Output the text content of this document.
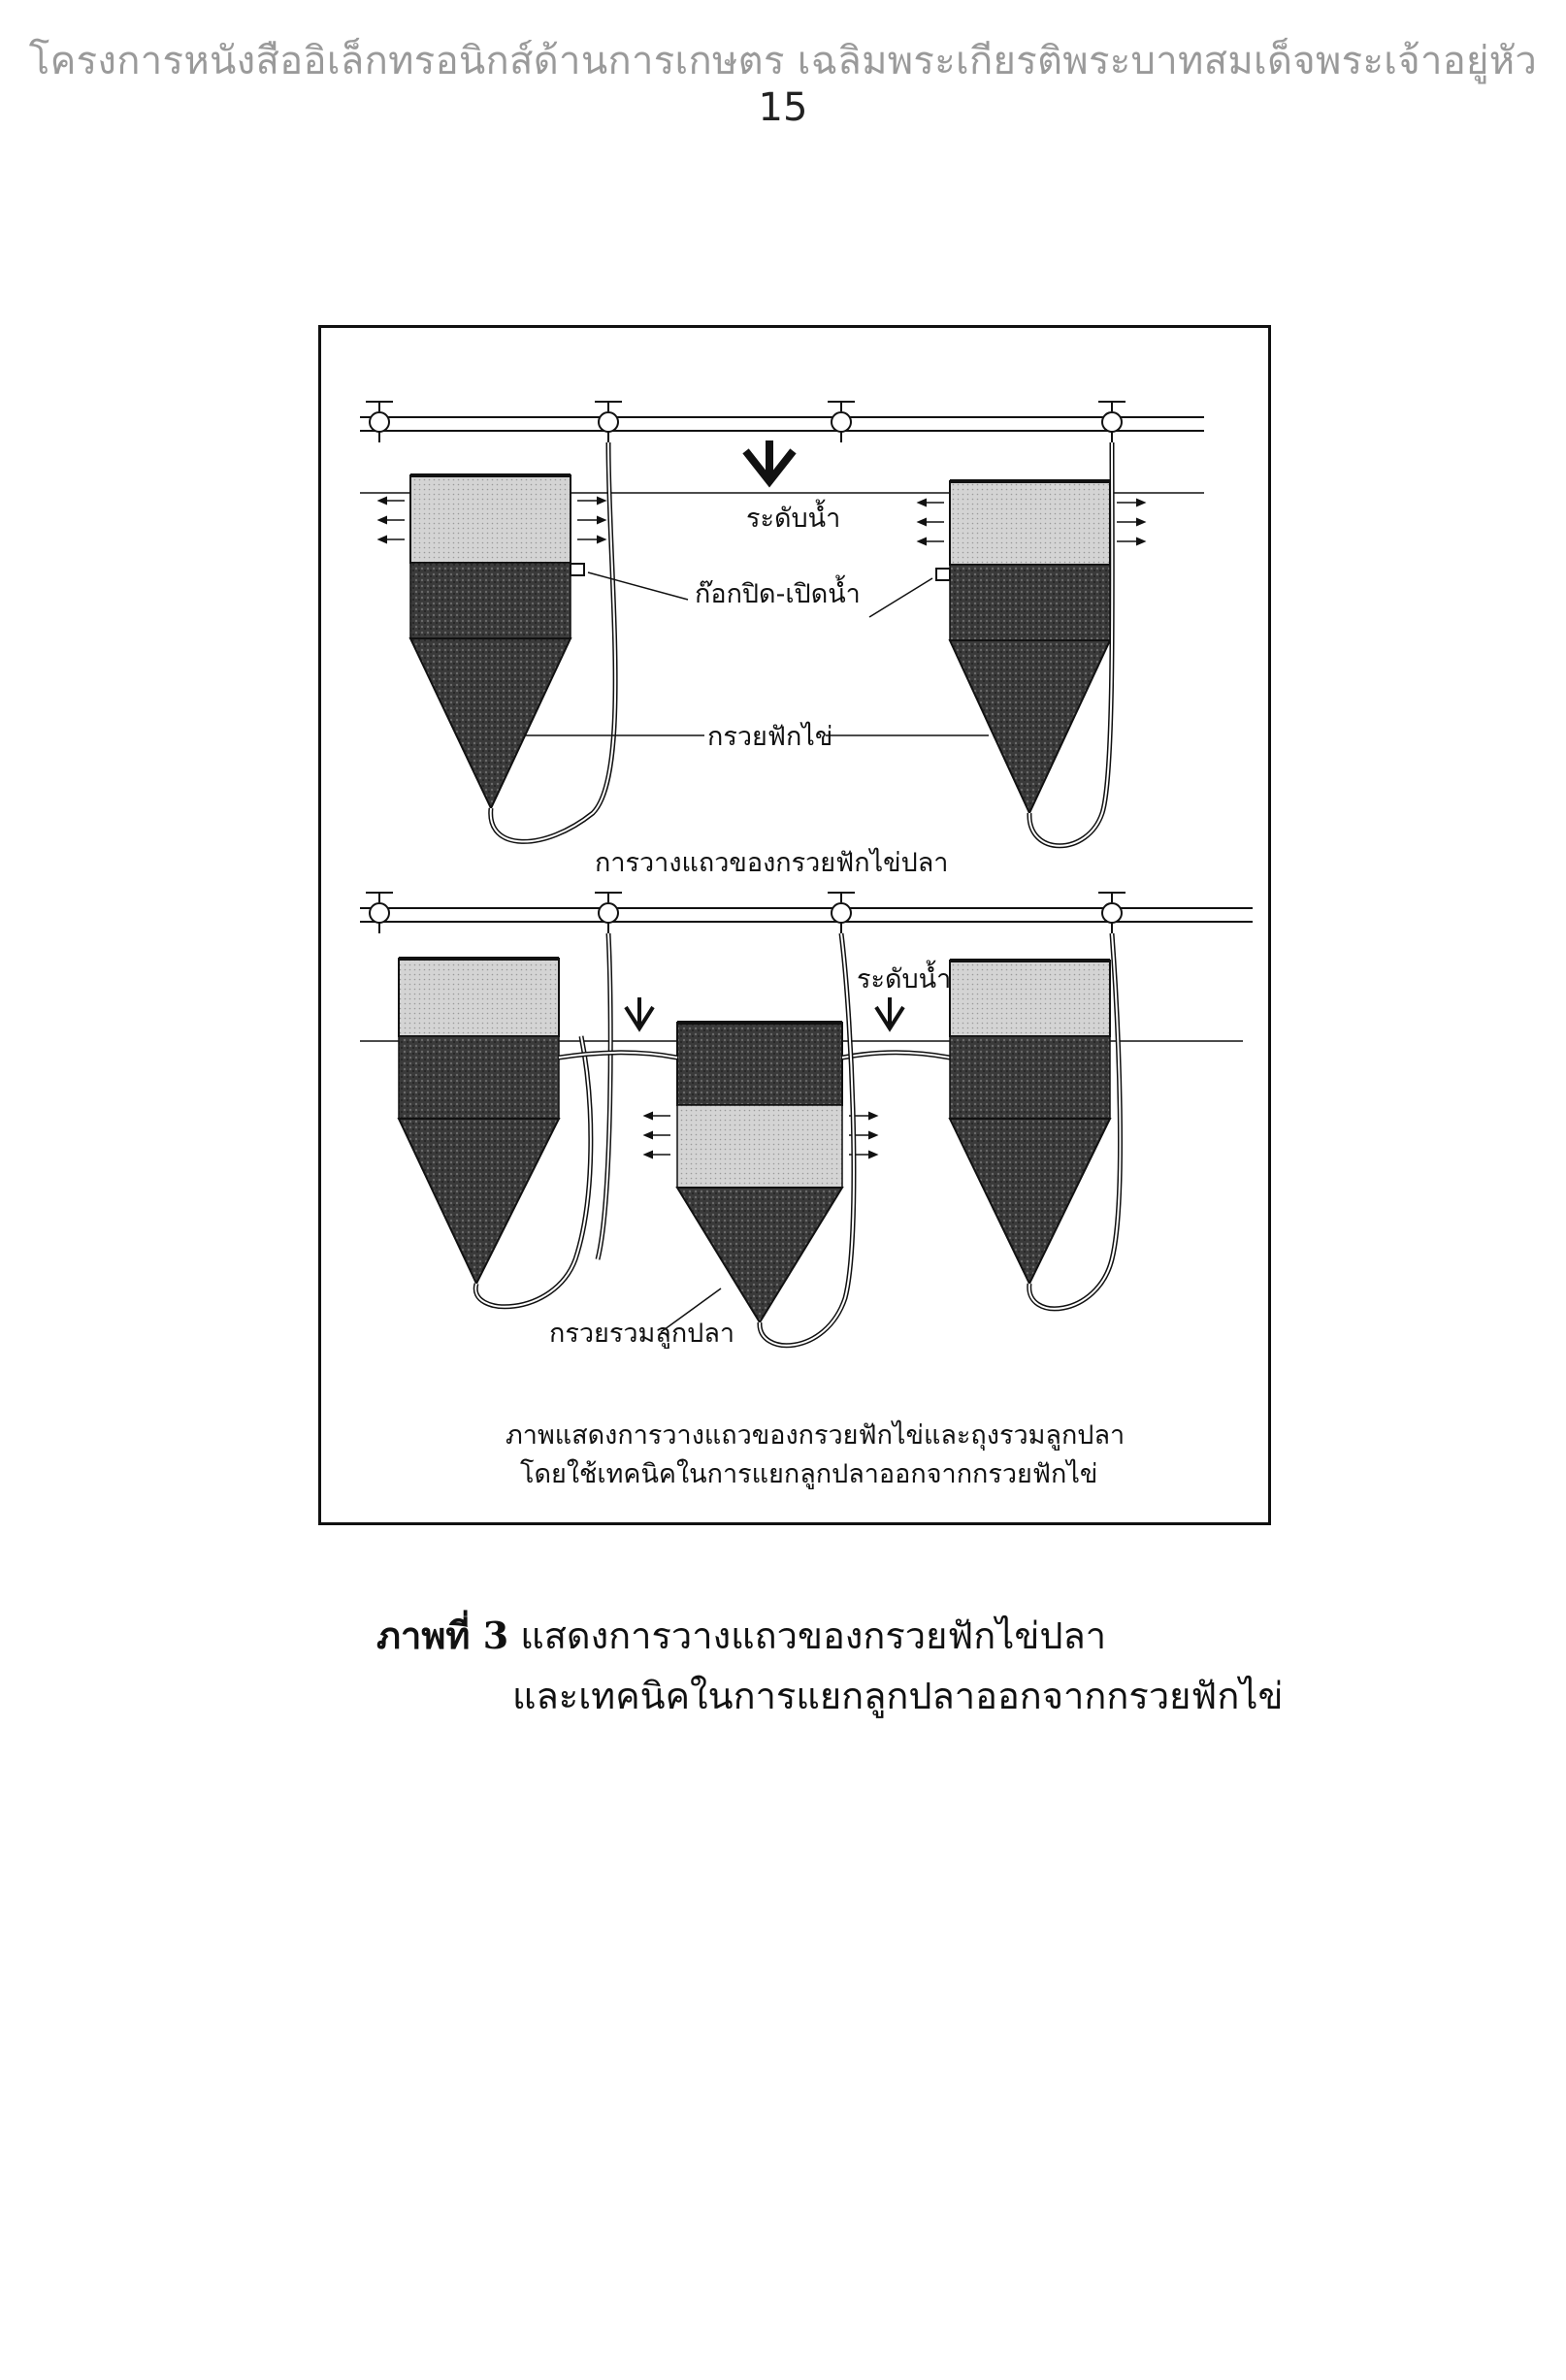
โครงการหนังสืออิเล็กทรอนิกส์ด้านการเกษตร เฉลิมพระเกียรติพระบาทสมเด็จพระเจ้าอยู่หัว
15
ระดับน้ำ
ก๊อกปิด-เปิดน้ำ
กรวยฟักไข่
การวางแถวของกรวยฟักไข่ปลา
ระดับน้ำ
กรวยรวมลูกปลา
ภาพแสดงการวางแถวของกรวยฟักไข่และถุงรวมลูกปลา
โดยใช้เทคนิคในการแยกลูกปลาออกจากกรวยฟักไข่
ภาพที่ 3 แสดงการวางแถวของกรวยฟักไข่ปลา
และเทคนิคในการแยกลูกปลาออกจากกรวยฟักไข่
